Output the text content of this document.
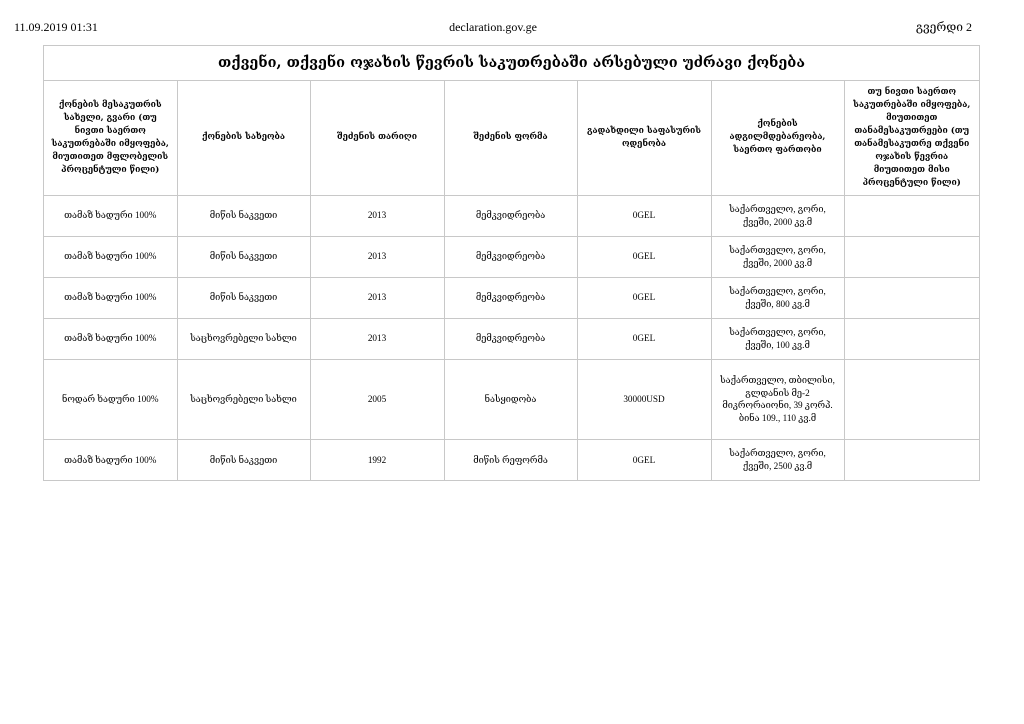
declaration.gov.ge
11.09.2019 01:31	გვერდი 2
თქვენი, თქვენი ოჯახის წევრის საკუთრებაში არსებული უძრავი ქონება
ქონების მესაკუთრის სახელი, გვარი (თუ ნივთი საერთო საკუთრებაში იმყოფება, მიუთითეთ მფლობელის პროცენტული წილი)	ქონების სახეობა	შეძენის თარიღი	შეძენის ფორმა	გადახდილი საფასურის ოდენობა	ქონების ადგილმდებარეობა, საერთო ფართობი	თუ ნივთი საერთო საკუთრებაში იმყოფება, მიუთითეთ თანამესაკუთრეები (თუ თანამესაკუთრე თქვენი ოჯახის წევრია მიუთითეთ მისი პროცენტული წილი)
თამაზ ხადური 100%	მიწის ნაკვეთი	2013	მემკვიდრეობა	0GEL	საქართველო, გორი, ქვეში, 2000 კვ.მ	
თამაზ ხადური 100%	მიწის ნაკვეთი	2013	მემკვიდრეობა	0GEL	საქართველო, გორი, ქვეში, 2000 კვ.მ	
თამაზ ხადური 100%	მიწის ნაკვეთი	2013	მემკვიდრეობა	0GEL	საქართველო, გორი, ქვეში, 800 კვ.მ	
თამაზ ხადური 100%	საცხოვრებელი სახლი	2013	მემკვიდრეობა	0GEL	საქართველო, გორი, ქვეში, 100 კვ.მ	
ნოდარ ხადური 100%	საცხოვრებელი სახლი	2005	ნასყიდობა	30000USD	საქართველო, თბილისი, გლდანის მე-2 მიკრორაიონი, 39 კორპ. ბინა 109., 110 კვ.მ	
თამაზ ხადური 100%	მიწის ნაკვეთი	1992	მიწის რეფორმა	0GEL	საქართველო, გორი, ქვეში, 2500 კვ.მ	
